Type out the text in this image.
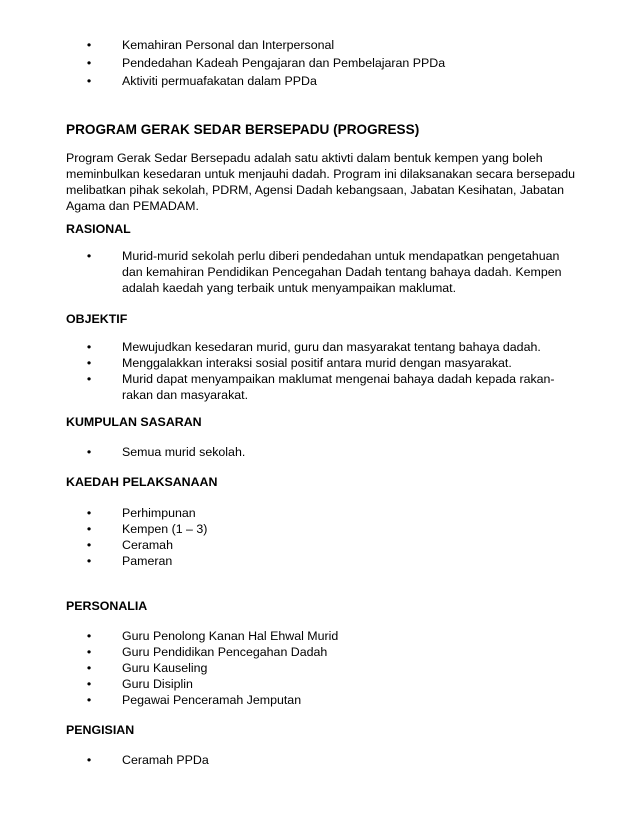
• Kemahiran Personal dan Interpersonal
• Pendedahan Kadeah Pengajaran dan Pembelajaran PPDa
• Aktiviti permuafakatan dalam PPDa
PROGRAM GERAK SEDAR BERSEPADU (PROGRESS)
Program Gerak Sedar Bersepadu adalah satu aktivti dalam bentuk kempen yang boleh
meminbulkan kesedaran untuk menjauhi dadah. Program ini dilaksanakan secara bersepadu
melibatkan pihak sekolah, PDRM, Agensi Dadah kebangsaan, Jabatan Kesihatan, Jabatan
Agama dan PEMADAM.
RASIONAL
• Murid-murid sekolah perlu diberi pendedahan untuk mendapatkan pengetahuan
dan kemahiran Pendidikan Pencegahan Dadah tentang bahaya dadah. Kempen
adalah kaedah yang terbaik untuk menyampaikan maklumat.
OBJEKTIF
• Mewujudkan kesedaran murid, guru dan masyarakat tentang bahaya dadah.
• Menggalakkan interaksi sosial positif antara murid dengan masyarakat.
• Murid dapat menyampaikan maklumat mengenai bahaya dadah kepada rakan-
rakan dan masyarakat.
KUMPULAN SASARAN
• Semua murid sekolah.
KAEDAH PELAKSANAAN
• Perhimpunan
• Kempen (1 – 3)
• Ceramah
• Pameran
PERSONALIA
• Guru Penolong Kanan Hal Ehwal Murid
• Guru Pendidikan Pencegahan Dadah
• Guru Kauseling
• Guru Disiplin
• Pegawai Penceramah Jemputan
PENGISIAN
• Ceramah PPDa
